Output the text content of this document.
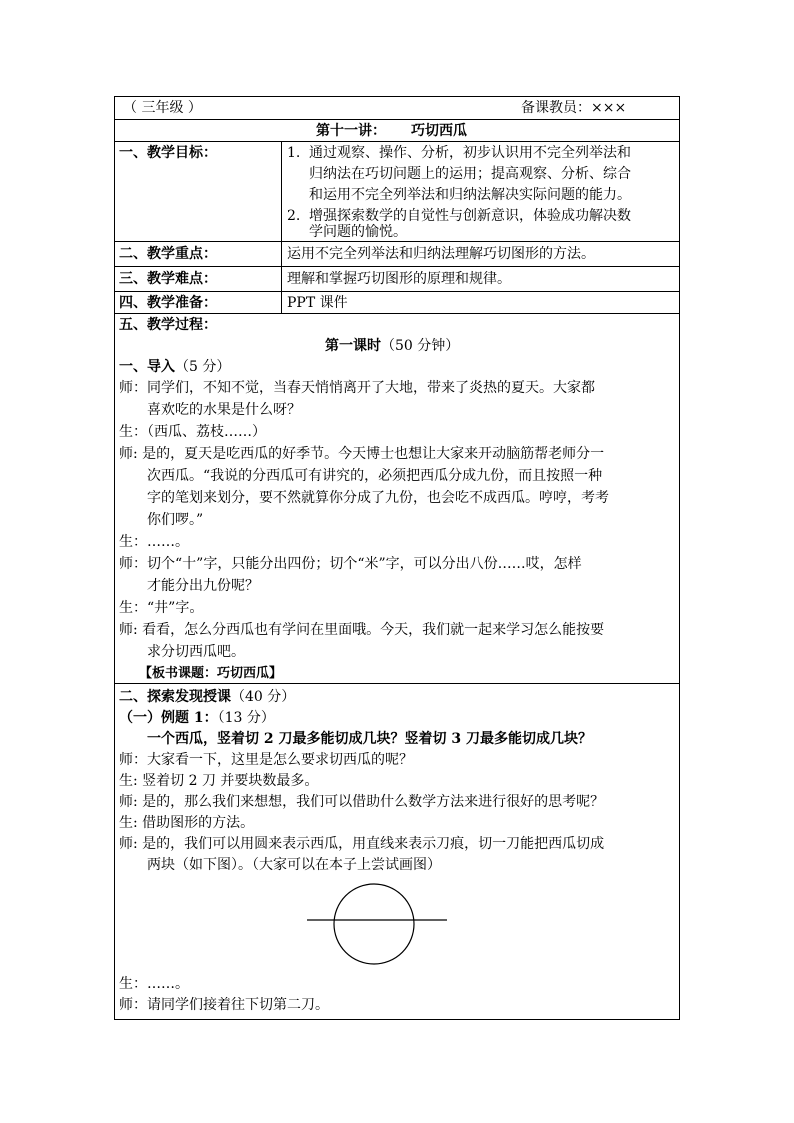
（ 三年级 ）	备课教员：×××
第十一讲： 巧切西瓜
一、教学目标：	1. 通过观察、操作、分析，初步认识用不完全列举法和
归纳法在巧切问题上的运用；提高观察、分析、综合
和运用不完全列举法和归纳法解决实际问题的能力。
2. 增强探索数学的自觉性与创新意识，体验成功解决数
学问题的愉悦。
二、教学重点：	运用不完全列举法和归纳法理解巧切图形的方法。
三、教学难点：	理解和掌握巧切图形的原理和规律。
四、教学准备：	PPT 课件
五、教学过程：
第一课时（50 分钟）
一、导入（5 分）
师：同学们，不知不觉，当春天悄悄离开了大地，带来了炎热的夏天。大家都
喜欢吃的水果是什么呀？
生：（西瓜、荔枝……）
师: 是的，夏天是吃西瓜的好季节。今天博士也想让大家来开动脑筋帮老师分一
次西瓜。“我说的分西瓜可有讲究的，必须把西瓜分成九份，而且按照一种
字的笔划来划分，要不然就算你分成了九份，也会吃不成西瓜。哼哼，考考
你们啰。”
生：……。
师：切个“十”字，只能分出四份；切个“米”字，可以分出八份……哎，怎样
才能分出九份呢？
生：“井”字。
师: 看看，怎么分西瓜也有学问在里面哦。今天，我们就一起来学习怎么能按要
求分切西瓜吧。
【板书课题：巧切西瓜】
二、探索发现授课（40 分）
（一）例题 1：（13 分）
一个西瓜，竖着切 2 刀最多能切成几块？竖着切 3 刀最多能切成几块？
师：大家看一下，这里是怎么要求切西瓜的呢？
生: 竖着切 2 刀 并要块数最多。
师: 是的，那么我们来想想，我们可以借助什么数学方法来进行很好的思考呢？
生: 借助图形的方法。
师: 是的，我们可以用圆来表示西瓜，用直线来表示刀痕，切一刀能把西瓜切成
两块（如下图）。（大家可以在本子上尝试画图）
生：……。
师：请同学们接着往下切第二刀。
